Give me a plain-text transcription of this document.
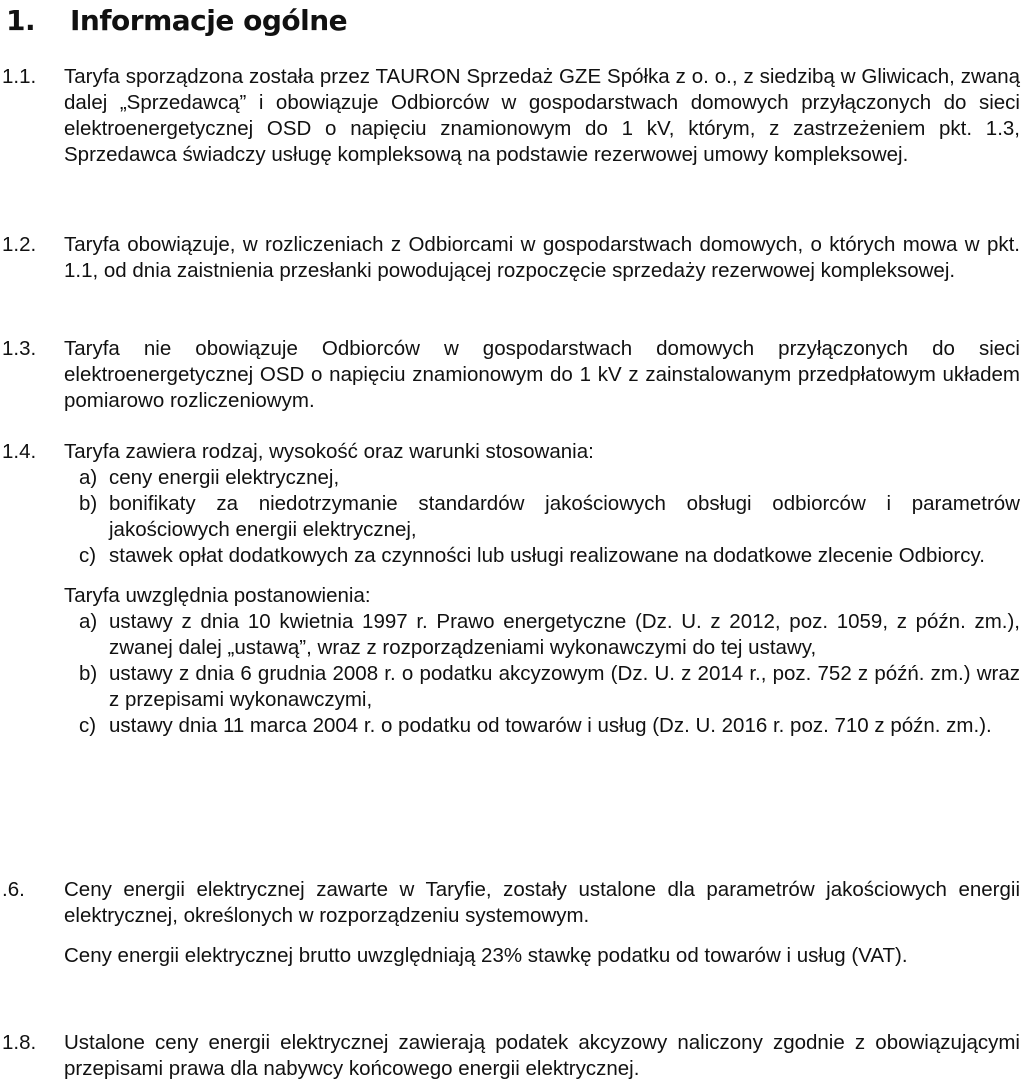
1. Informacje ogólne
1.1.	Taryfa sporządzona została przez TAURON Sprzedaż GZE Spółka z o. o., z siedzibą w Gliwicach, zwaną dalej „Sprzedawcą” i obowiązuje Odbiorców w gospodarstwach domowych przyłączonych do sieci elektroenergetycznej OSD o napięciu znamionowym do 1 kV, którym, z zastrzeżeniem pkt. 1.3, Sprzedawca świadczy usługę kompleksową na podstawie rezerwowej umowy kompleksowej.

1.2.	Taryfa obowiązuje, w rozliczeniach z Odbiorcami w gospodarstwach domowych, o których mowa w pkt. 1.1, od dnia zaistnienia przesłanki powodującej rozpoczęcie sprzedaży rezerwowej kompleksowej.

1.3.	Taryfa nie obowiązuje Odbiorców w gospodarstwach domowych przyłączonych do sieci elektroenergetycznej OSD o napięciu znamionowym do 1 kV z zainstalowanym przedpłatowym układem pomiarowo rozliczeniowym.

1.4.	Taryfa zawiera rodzaj, wysokość oraz warunki stosowania:

a) ceny energii elektrycznej,
b) bonifikaty za niedotrzymanie standardów jakościowych obsługi odbiorców i parametrów jakościowych energii elektrycznej,
c) stawek opłat dodatkowych za czynności lub usługi realizowane na dodatkowe zlecenie Odbiorcy.

Taryfa uwzględnia postanowienia:

a) ustawy z dnia 10 kwietnia 1997 r. Prawo energetyczne (Dz. U. z 2012, poz. 1059, z późn. zm.), zwanej dalej „ustawą”, wraz z rozporządzeniami wykonawczymi do tej ustawy,
b) ustawy z dnia 6 grudnia 2008 r. o podatku akcyzowym (Dz. U. z 2014 r., poz. 752 z późń. zm.) wraz z przepisami wykonawczymi,
c) ustawy dnia 11 marca 2004 r. o podatku od towarów i usług (Dz. U. 2016 r. poz. 710 z późn. zm.).
.6.	Ceny energii elektrycznej zawarte w Taryfie, zostały ustalone dla parametrów jakościowych energii elektrycznej, określonych w rozporządzeniu systemowym.

Ceny energii elektrycznej brutto uwzględniają 23% stawkę podatku od towarów i usług (VAT).

1.8.	Ustalone ceny energii elektrycznej zawierają podatek akcyzowy naliczony zgodnie z obowiązującymi przepisami prawa dla nabywcy końcowego energii elektrycznej.
